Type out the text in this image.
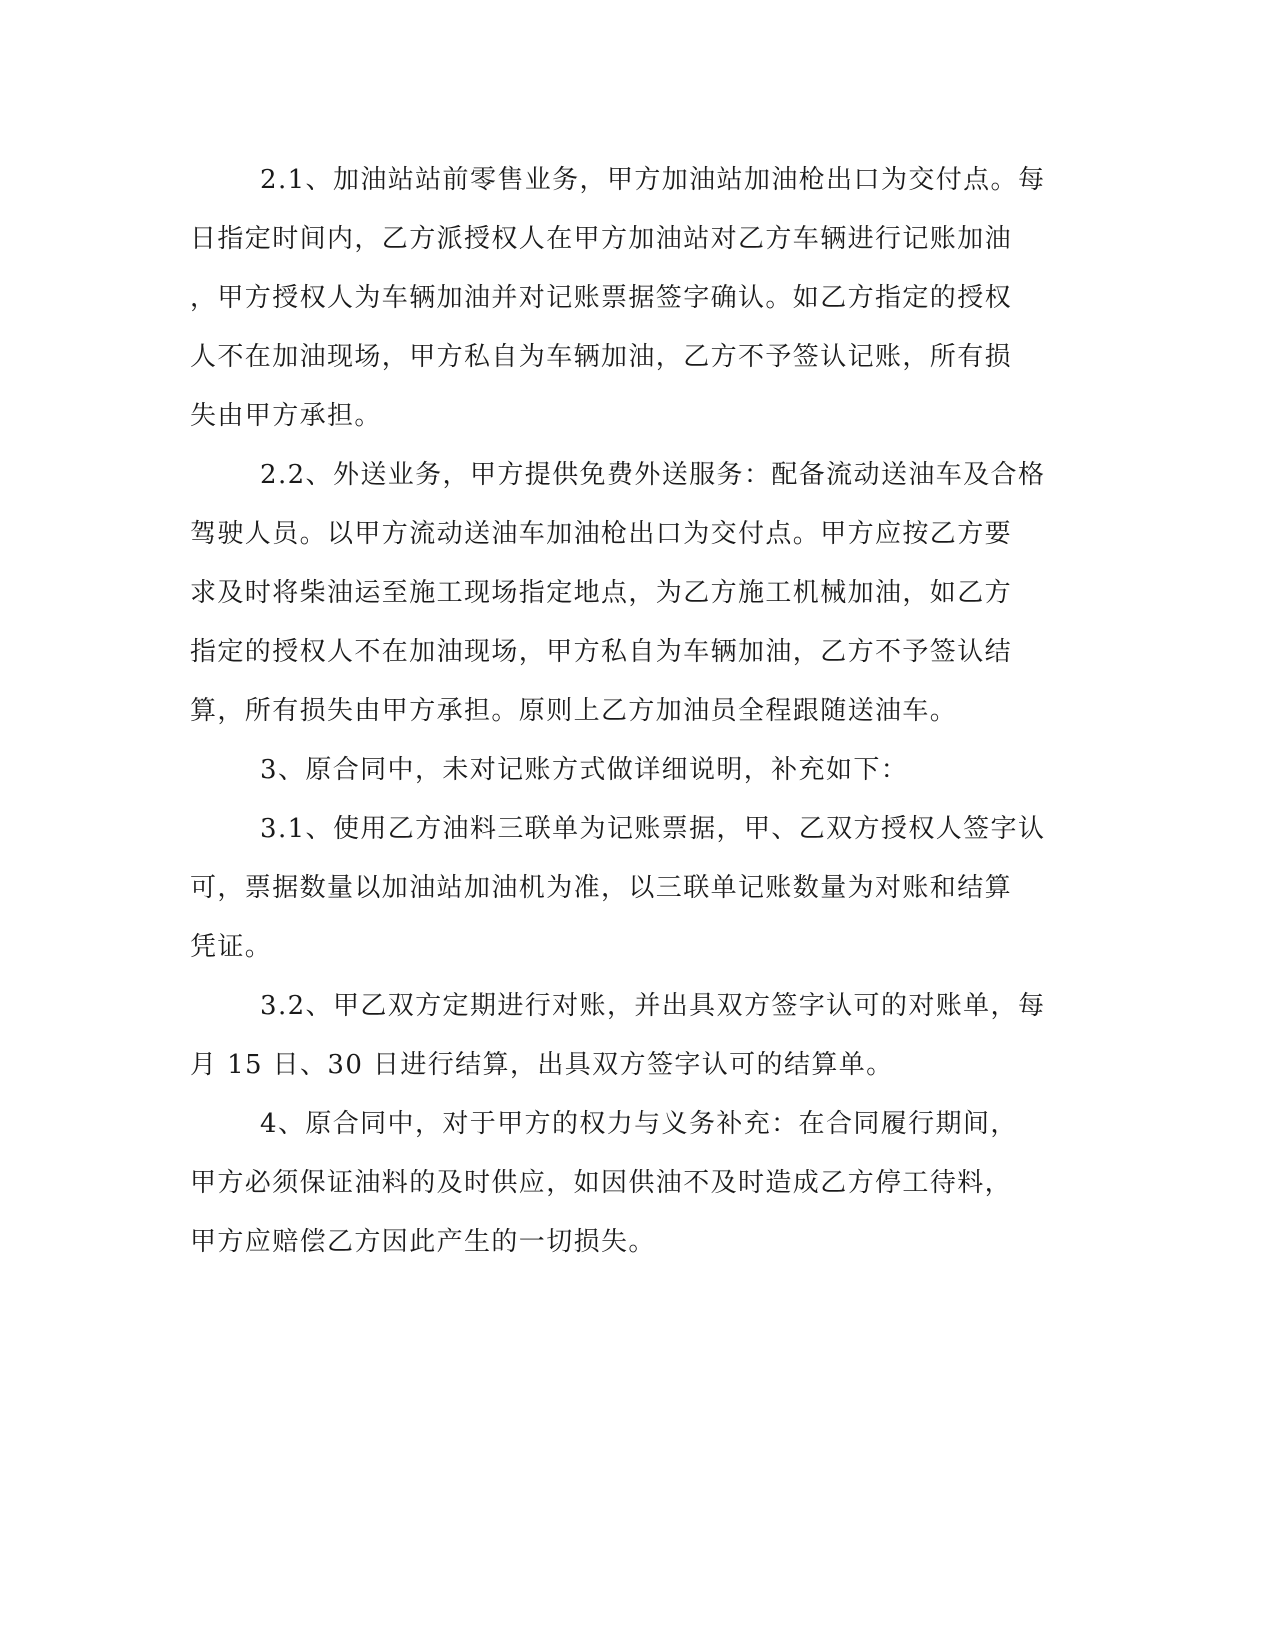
2.1、加油站站前零售业务，甲方加油站加油枪出口为交付点。每
日指定时间内，乙方派授权人在甲方加油站对乙方车辆进行记账加油
，甲方授权人为车辆加油并对记账票据签字确认。如乙方指定的授权
人不在加油现场，甲方私自为车辆加油，乙方不予签认记账，所有损
失由甲方承担。
2.2、外送业务，甲方提供免费外送服务：配备流动送油车及合格
驾驶人员。以甲方流动送油车加油枪出口为交付点。甲方应按乙方要
求及时将柴油运至施工现场指定地点，为乙方施工机械加油，如乙方
指定的授权人不在加油现场，甲方私自为车辆加油，乙方不予签认结
算，所有损失由甲方承担。原则上乙方加油员全程跟随送油车。
3、原合同中，未对记账方式做详细说明，补充如下：
3.1、使用乙方油料三联单为记账票据，甲、乙双方授权人签字认
可，票据数量以加油站加油机为准，以三联单记账数量为对账和结算
凭证。
3.2、甲乙双方定期进行对账，并出具双方签字认可的对账单，每
月 15 日、30 日进行结算，出具双方签字认可的结算单。
4、原合同中，对于甲方的权力与义务补充：在合同履行期间，
甲方必须保证油料的及时供应，如因供油不及时造成乙方停工待料，
甲方应赔偿乙方因此产生的一切损失。
